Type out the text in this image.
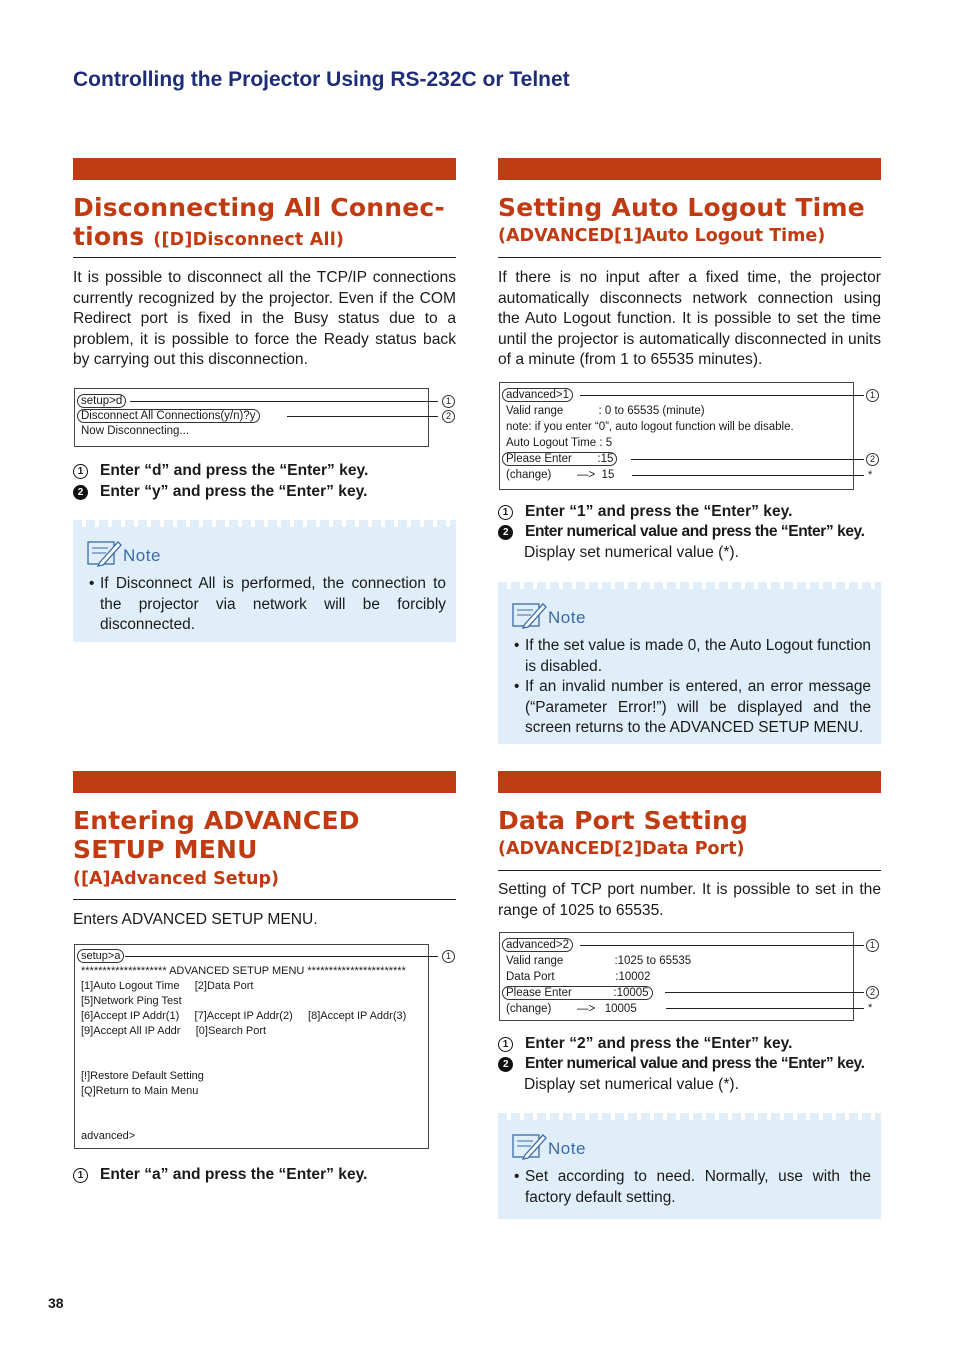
Controlling the Projector Using RS-232C or Telnet
Disconnecting All Connec-
tions ([D]Disconnect All)
It is possible to disconnect all the TCP/IP connections currently recognized by the projector. Even if the COM Redirect port is fixed in the Busy status due to a problem, it is possible to force the Ready status back by carrying out this disconnection.
setup>d
Disconnect All Connections(y/n)?y
Now Disconnecting...
1
2
1 Enter “d” and press the “Enter” key.
2 Enter “y” and press the “Enter” key.
Note
• If Disconnect All is performed, the connection to the projector via network will be forcibly disconnected.
Entering ADVANCED
SETUP MENU
([A]Advanced Setup)
Enters ADVANCED SETUP MENU.
setup>a
******************** ADVANCED SETUP MENU ***********************
[1]Auto Logout Time     [2]Data Port
[5]Network Ping Test
[6]Accept IP Addr(1)     [7]Accept IP Addr(2)     [8]Accept IP Addr(3)
[9]Accept All IP Addr     [0]Search Port
[!]Restore Default Setting
[Q]Return to Main Menu
advanced>
1
1 Enter “a” and press the “Enter” key.
Setting Auto Logout Time
(ADVANCED[1]Auto Logout Time)
If there is no input after a fixed time, the projector automatically disconnects network connection using the Auto Logout function. It is possible to set the time until the projector is automatically disconnected in units of a minute (from 1 to 65535 minutes).
advanced>1
Valid range           : 0 to 65535 (minute)
note: if you enter “0”, auto logout function will be disable.
Auto Logout Time : 5
Please Enter        :15
(change)        —>  15
1
2
*
1 Enter “1” and press the “Enter” key.
2 Enter numerical value and press the “Enter” key.
Display set numerical value (*).
Note
• If the set value is made 0, the Auto Logout function is disabled.
• If an invalid number is entered, an error message (“Parameter Error!”) will be displayed and the screen returns to the ADVANCED SETUP MENU.
Data Port Setting
(ADVANCED[2]Data Port)
Setting of TCP port number. It is possible to set in the range of 1025 to 65535.
advanced>2
Valid range                :1025 to 65535
Data Port                   :10002
Please Enter             :10005
(change)        —>   10005
1
2
*
1 Enter “2” and press the “Enter” key.
2 Enter numerical value and press the “Enter” key.
Display set numerical value (*).
Note
• Set according to need. Normally, use with the factory default setting.
38
